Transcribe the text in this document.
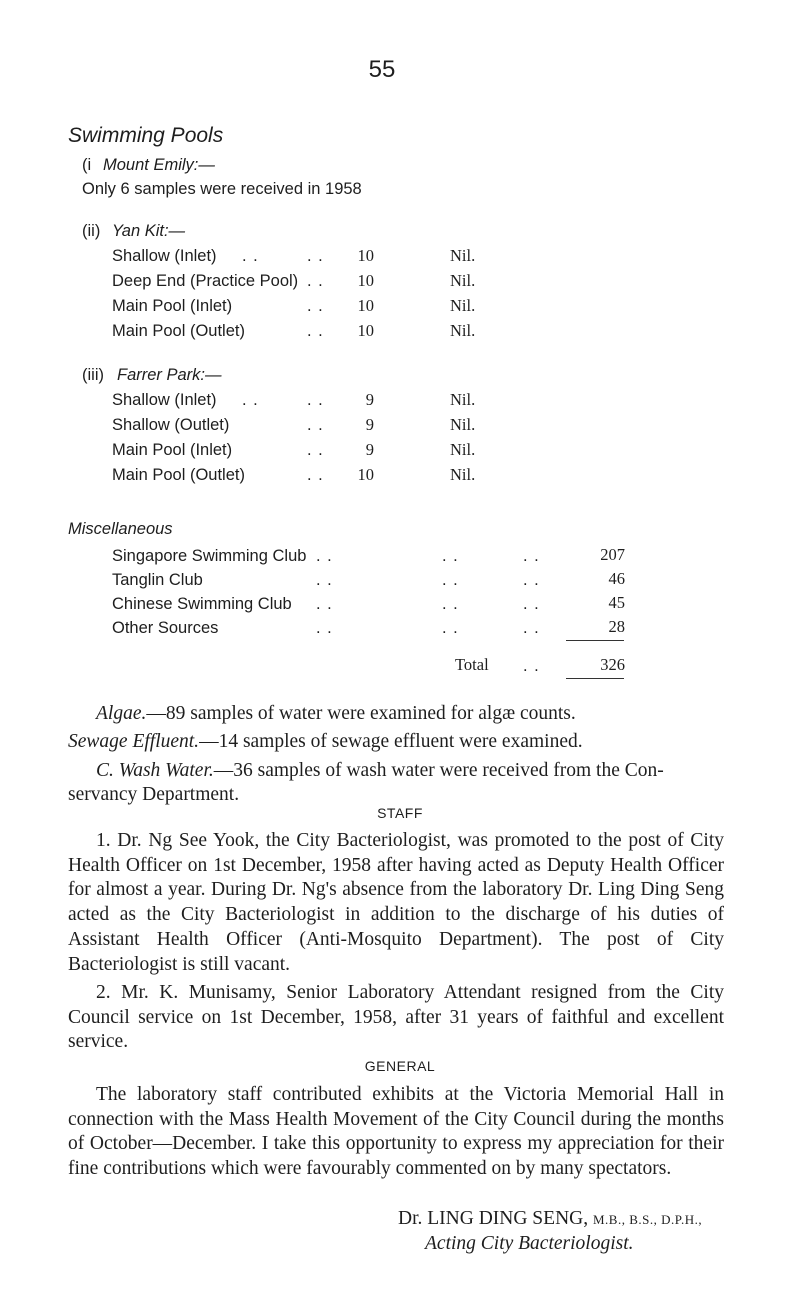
55
Swimming Pools
(i Mount Emily:—
Only 6 samples were received in 1958
(ii) Yan Kit:—
Shallow (Inlet) . .	. .	10	Nil.
Deep End (Practice Pool) . .	10	Nil.
Main Pool (Inlet)	. .	10	Nil.
Main Pool (Outlet)	. .	10	Nil.
(iii) Farrer Park:—
Shallow (Inlet) . .	. .	9	Nil.
Shallow (Outlet)	. .	9	Nil.
Main Pool (Inlet)	. .	9	Nil.
Main Pool (Outlet)	. .	10	Nil.
Miscellaneous
Singapore Swimming Club . .	. .	. .	207
Tanglin Club	. .	. .	. .	46
Chinese Swimming Club . .	. .	. .	45
Other Sources	. .	. .	. .	28
Total . .	326
Algae.—89 samples of water were examined for algæ counts.
Sewage Effluent.—14 samples of sewage effluent were examined.
C. Wash Water.—36 samples of wash water were received from the Con-
servancy Department.
STAFF
1. Dr. Ng See Yook, the City Bacteriologist, was promoted to the post of City Health Officer on 1st December, 1958 after having acted as Deputy Health Officer for almost a year. During Dr. Ng's absence from the laboratory Dr. Ling Ding Seng acted as the City Bacteriologist in addition to the discharge of his duties of Assistant Health Officer (Anti-Mosquito Department). The post of City Bacteriologist is still vacant.
2. Mr. K. Munisamy, Senior Laboratory Attendant resigned from the City Council service on 1st December, 1958, after 31 years of faithful and excellent service.
GENERAL
The laboratory staff contributed exhibits at the Victoria Memorial Hall in connection with the Mass Health Movement of the City Council during the months of October—December. I take this opportunity to express my appreciation for their fine contributions which were favourably commented on by many spectators.
Dr. LING DING SENG, M.B., B.S., D.P.H.,
Acting City Bacteriologist.
